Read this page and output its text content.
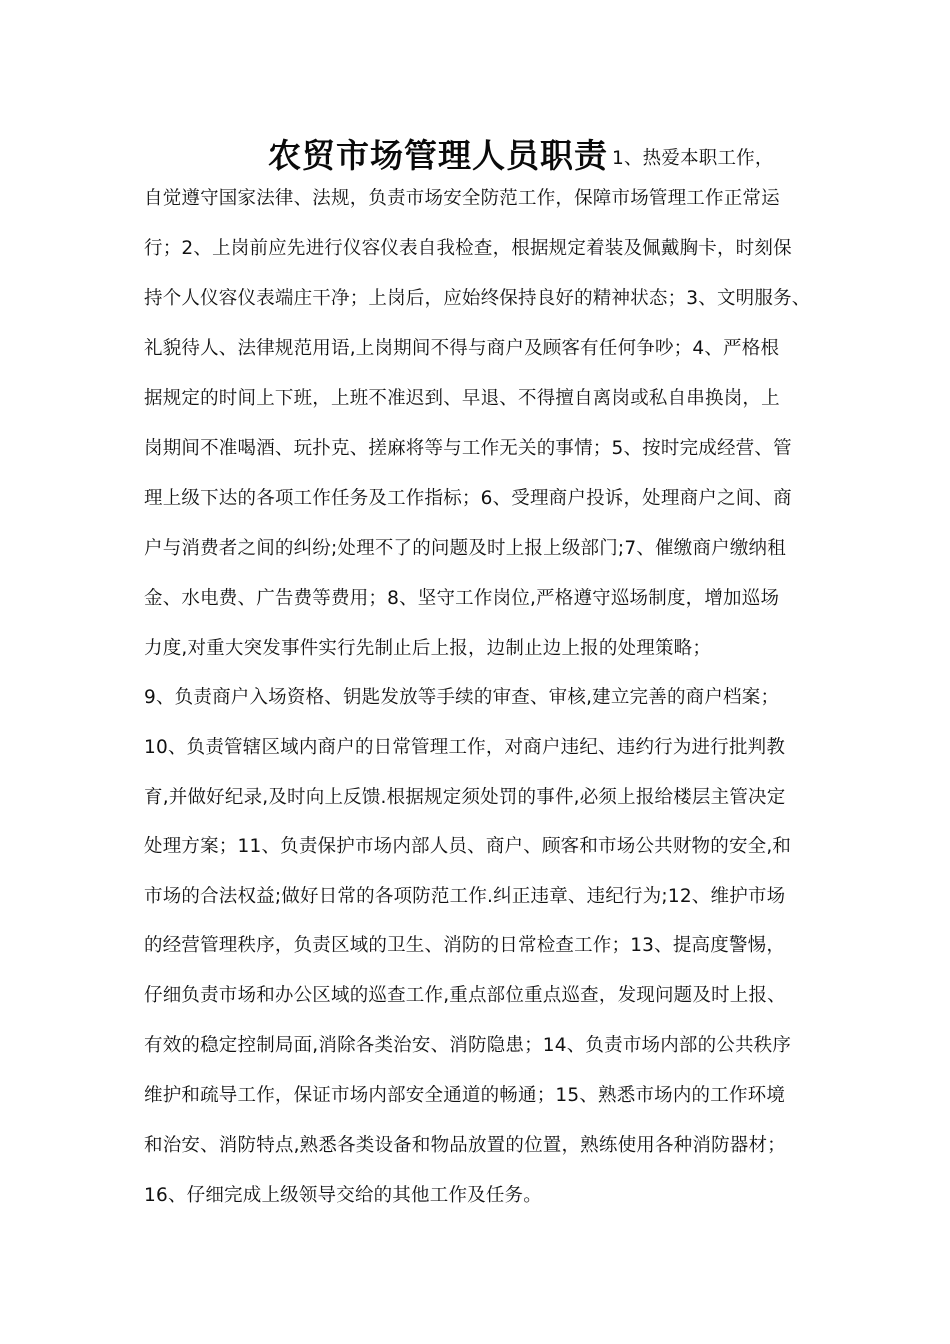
农贸市场管理人员职责 1、热爱本职工作，
自觉遵守国家法律、法规，负责市场安全防范工作，保障市场管理工作正常运
行；2、上岗前应先进行仪容仪表自我检查，根据规定着装及佩戴胸卡，时刻保
持个人仪容仪表端庄干净；上岗后，应始终保持良好的精神状态；3、文明服务、
礼貌待人、法律规范用语,上岗期间不得与商户及顾客有任何争吵；4、严格根
据规定的时间上下班，上班不准迟到、早退、不得擅自离岗或私自串换岗，上
岗期间不准喝酒、玩扑克、搓麻将等与工作无关的事情；5、按时完成经营、管
理上级下达的各项工作任务及工作指标；6、受理商户投诉，处理商户之间、商
户与消费者之间的纠纷;处理不了的问题及时上报上级部门;7、催缴商户缴纳租
金、水电费、广告费等费用；8、坚守工作岗位,严格遵守巡场制度，增加巡场
力度,对重大突发事件实行先制止后上报，边制止边上报的处理策略；
9、负责商户入场资格、钥匙发放等手续的审查、审核,建立完善的商户档案；
10、负责管辖区域内商户的日常管理工作，对商户违纪、违约行为进行批判教
育,并做好纪录,及时向上反馈.根据规定须处罚的事件,必须上报给楼层主管决定
处理方案；11、负责保护市场内部人员、商户、顾客和市场公共财物的安全,和
市场的合法权益;做好日常的各项防范工作.纠正违章、违纪行为;12、维护市场
的经营管理秩序，负责区域的卫生、消防的日常检查工作；13、提高度警惕，
仔细负责市场和办公区域的巡查工作,重点部位重点巡查，发现问题及时上报、
有效的稳定控制局面,消除各类治安、消防隐患；14、负责市场内部的公共秩序
维护和疏导工作，保证市场内部安全通道的畅通；15、熟悉市场内的工作环境
和治安、消防特点,熟悉各类设备和物品放置的位置，熟练使用各种消防器材；
16、仔细完成上级领导交给的其他工作及任务。
